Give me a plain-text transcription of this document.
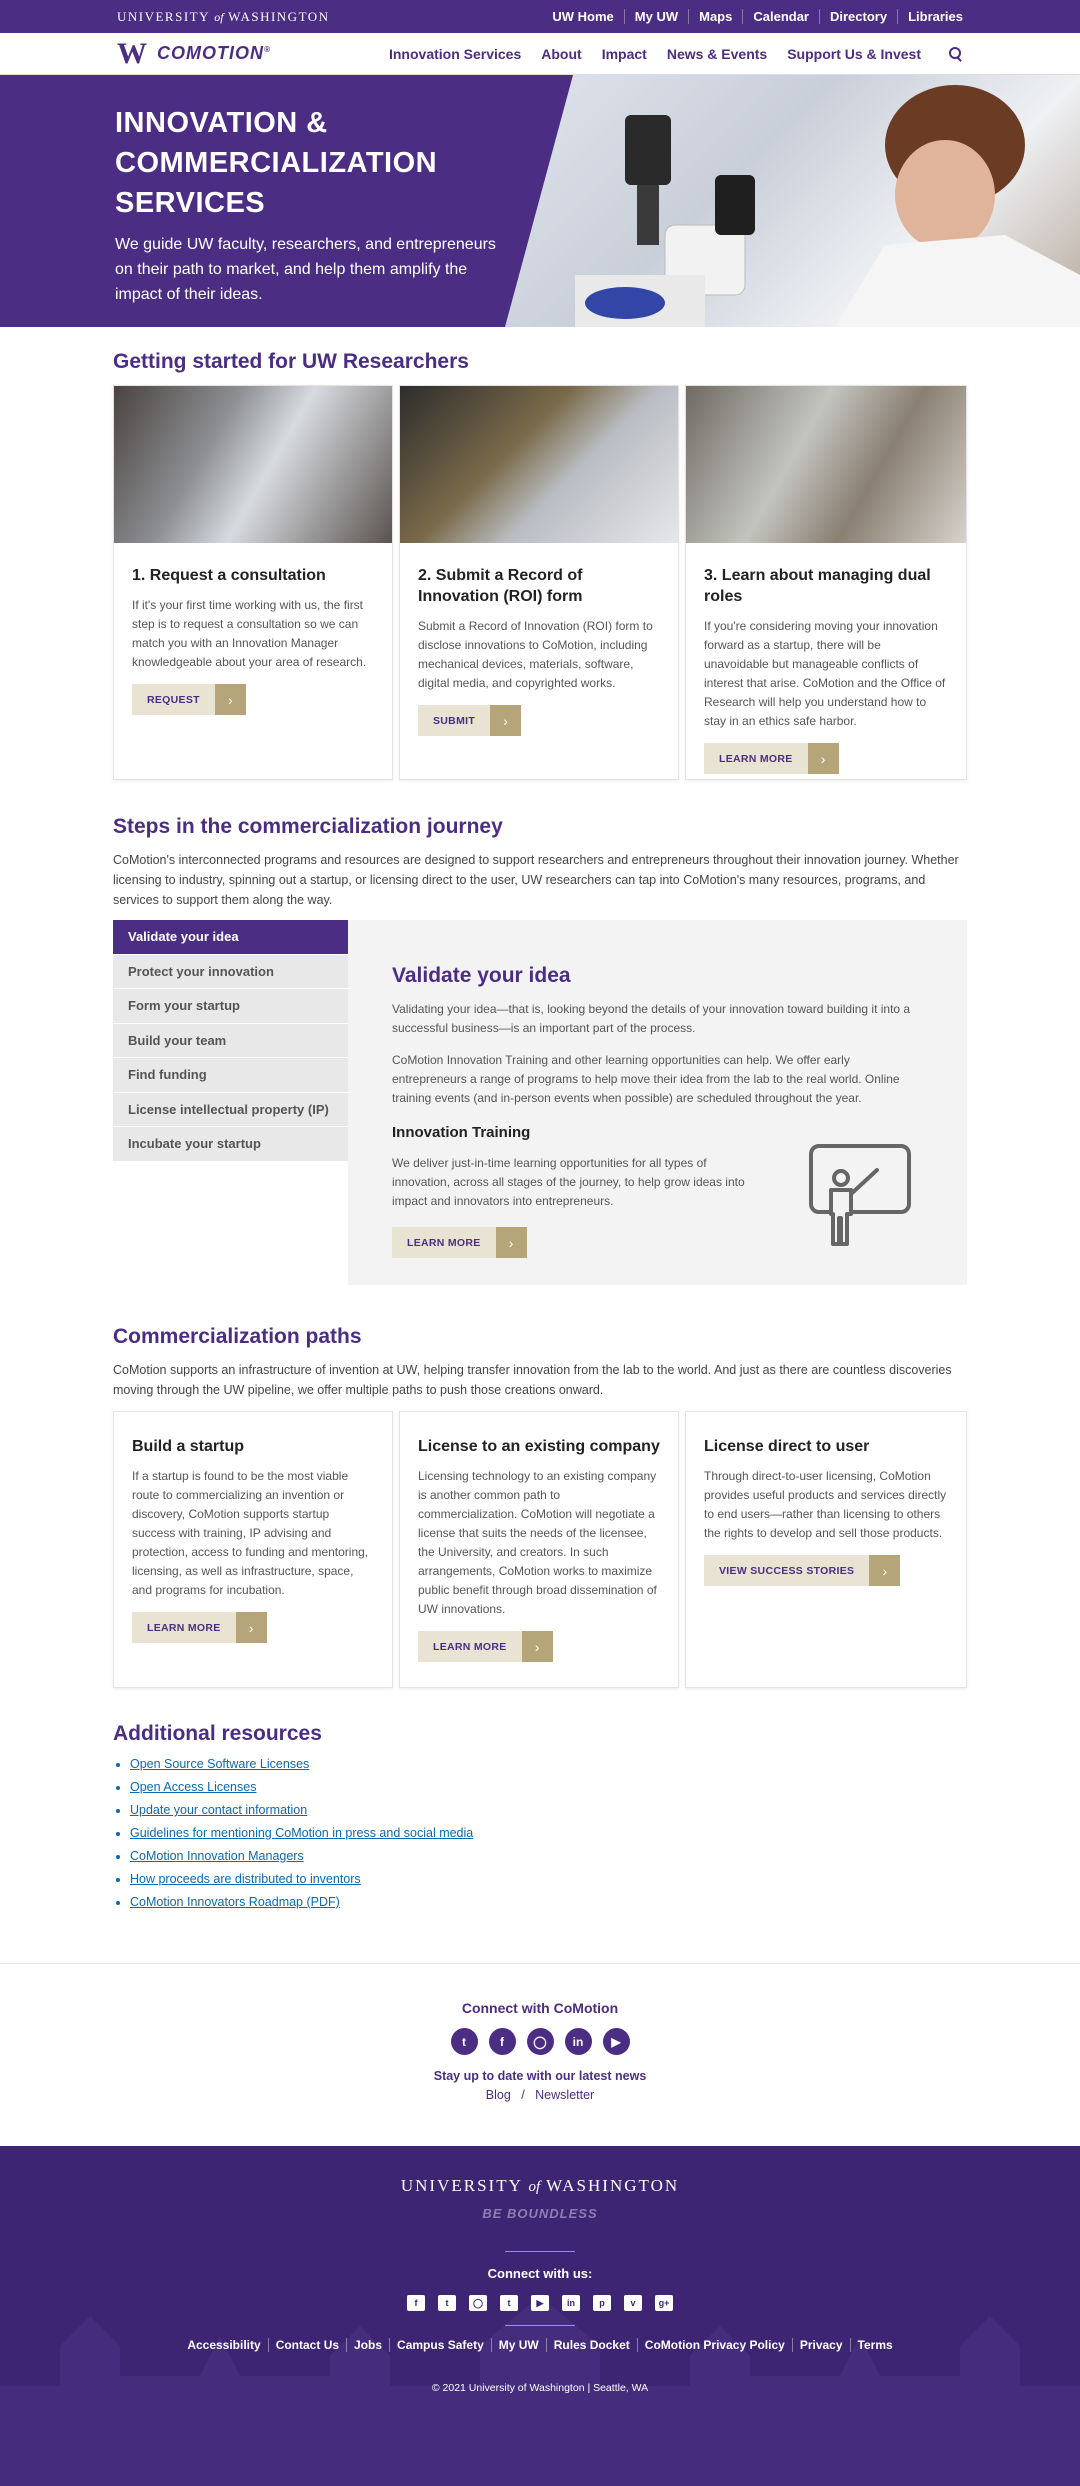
UNIVERSITY of WASHINGTON	UW Home	My UW	Maps	Calendar	Directory	Libraries
W COMOTION®	Innovation Services About Impact News & Events Support Us & Invest
INNOVATION & COMMERCIALIZATION SERVICES
We guide UW faculty, researchers, and entrepreneurs on their path to market, and help them amplify the impact of their ideas.
Getting started for UW Researchers
1. Request a consultation

If it's your first time working with us, the first step is to request a consultation so we can match you with an Innovation Manager knowledgeable about your area of research.

REQUEST	›
2. Submit a Record of Innovation (ROI) form

Submit a Record of Innovation (ROI) form to disclose innovations to CoMotion, including mechanical devices, materials, software, digital media, and copyrighted works.

SUBMIT	›
3. Learn about managing dual roles

If you're considering moving your innovation forward as a startup, there will be unavoidable but manageable conflicts of interest that arise. CoMotion and the Office of Research will help you understand how to stay in an ethics safe harbor.

LEARN MORE	›
Steps in the commercialization journey
CoMotion's interconnected programs and resources are designed to support researchers and entrepreneurs throughout their innovation journey. Whether licensing to industry, spinning out a startup, or licensing direct to the user, UW researchers can tap into CoMotion's many resources, programs, and services to support them along the way.
Validate your idea
Protect your innovation
Form your startup
Build your team
Find funding
License intellectual property (IP)
Incubate your startup
Validate your idea
Validating your idea—that is, looking beyond the details of your innovation toward building it into a successful business—is an important part of the process.
CoMotion Innovation Training and other learning opportunities can help. We offer early entrepreneurs a range of programs to help move their idea from the lab to the real world. Online training events (and in-person events when possible) are scheduled throughout the year.
Innovation Training
We deliver just-in-time learning opportunities for all types of innovation, across all stages of the journey, to help grow ideas into impact and innovators into entrepreneurs.
LEARN MORE	›
Commercialization paths
CoMotion supports an infrastructure of invention at UW, helping transfer innovation from the lab to the world. And just as there are countless discoveries moving through the UW pipeline, we offer multiple paths to push those creations onward.
Build a startup

If a startup is found to be the most viable route to commercializing an invention or discovery, CoMotion supports startup success with training, IP advising and protection, access to funding and mentoring, licensing, as well as infrastructure, space, and programs for incubation.

LEARN MORE	›
License to an existing company

Licensing technology to an existing company is another common path to commercialization. CoMotion will negotiate a license that suits the needs of the licensee, the University, and creators. In such arrangements, CoMotion works to maximize public benefit through broad dissemination of UW innovations.

LEARN MORE	›
License direct to user

Through direct-to-user licensing, CoMotion provides useful products and services directly to end users—rather than licensing to others the rights to develop and sell those products.

VIEW SUCCESS STORIES	›
Additional resources
• Open Source Software Licenses
• Open Access Licenses
• Update your contact information
• Guidelines for mentioning CoMotion in press and social media
• CoMotion Innovation Managers
• How proceeds are distributed to inventors
• CoMotion Innovators Roadmap (PDF)
Connect with CoMotion
t	f	◯	in	▶
Stay up to date with our latest news
Blog / Newsletter
UNIVERSITY of WASHINGTON
BE BOUNDLESS
Connect with us:
f	t	◯	t	▶	in	p	v	g+
Accessibility	Contact Us	Jobs	Campus Safety	My UW	Rules Docket	CoMotion Privacy Policy	Privacy	Terms
© 2021 University of Washington | Seattle, WA
